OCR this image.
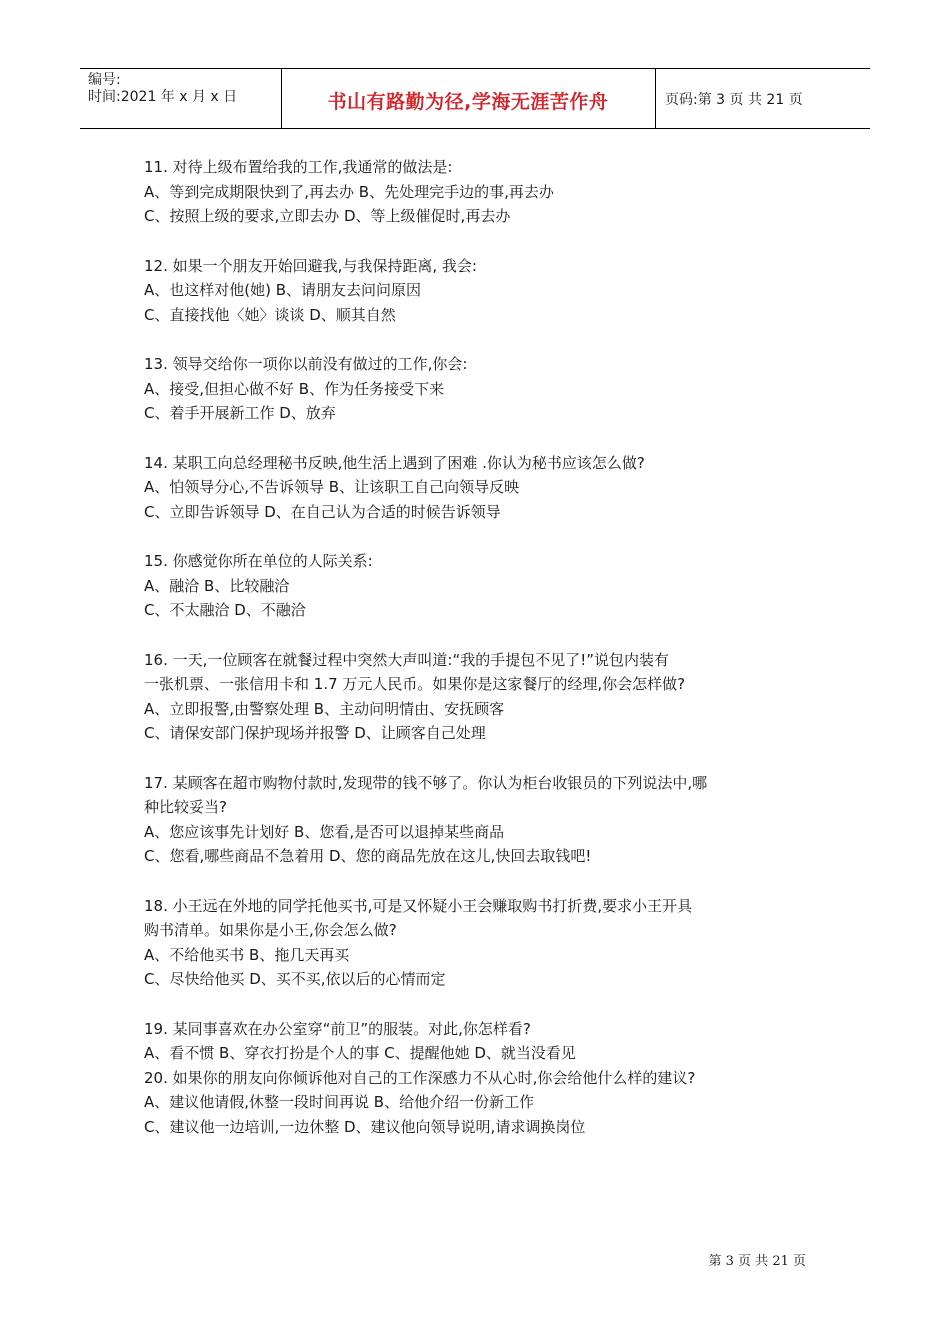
编号:
时间:2021 年 x 月 x 日	书山有路勤为径,学海无涯苦作舟	页码:第 3 页 共 21 页
11. 对待上级布置给我的工作,我通常的做法是:
A、等到完成期限快到了,再去办 B、先处理完手边的事,再去办
C、按照上级的要求,立即去办 D、等上级催促时,再去办
12. 如果一个朋友开始回避我,与我保持距离, 我会:
A、也这样对他(她) B、请朋友去问问原因
C、直接找他〈她〉谈谈 D、顺其自然
13. 领导交给你一项你以前没有做过的工作,你会:
A、接受,但担心做不好 B、作为任务接受下来
C、着手开展新工作 D、放弃
14. 某职工向总经理秘书反映,他生活上遇到了困难 .你认为秘书应该怎么做?
A、怕领导分心,不告诉领导 B、让该职工自己向领导反映
C、立即告诉领导 D、在自己认为合适的时候告诉领导
15. 你感觉你所在单位的人际关系:
A、融洽 B、比较融洽
C、不太融洽 D、不融洽
16. 一天,一位顾客在就餐过程中突然大声叫道:“我的手提包不见了!”说包内装有
一张机票、一张信用卡和 1.7 万元人民币。如果你是这家餐厅的经理,你会怎样做?
A、立即报警,由警察处理 B、主动问明情由、安抚顾客
C、请保安部门保护现场并报警 D、让顾客自己处理
17. 某顾客在超市购物付款时,发现带的钱不够了。你认为柜台收银员的下列说法中,哪
种比较妥当?
A、您应该事先计划好 B、您看,是否可以退掉某些商品
C、您看,哪些商品不急着用 D、您的商品先放在这儿,快回去取钱吧!
18. 小王远在外地的同学托他买书,可是又怀疑小王会赚取购书打折费,要求小王开具
购书清单。如果你是小王,你会怎么做?
A、不给他买书 B、拖几天再买
C、尽快给他买 D、买不买,依以后的心情而定
19. 某同事喜欢在办公室穿“前卫”的服装。对此,你怎样看?
A、看不惯 B、穿衣打扮是个人的事 C、提醒他她 D、就当没看见
20. 如果你的朋友向你倾诉他对自己的工作深感力不从心时,你会给他什么样的建议?
A、建议他请假,休整一段时间再说 B、给他介绍一份新工作
C、建议他一边培训,一边休整 D、建议他向领导说明,请求调换岗位
第 3 页 共 21 页
